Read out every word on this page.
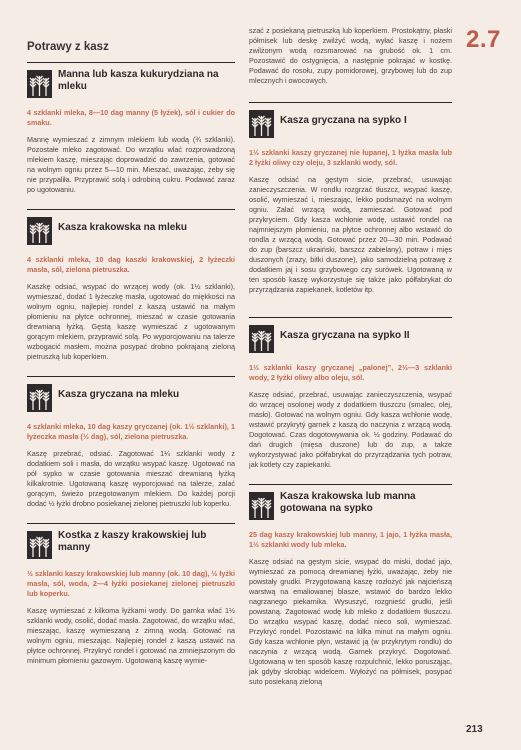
2.7
Potrawy z kasz
Manna lub kasza kukurydziana na mleku
4 szklanki mleka, 8—10 dag manny (5 łyżek), sól i cukier do smaku.
Mannę wymieszać z zimnym mlekiem lub wodą (¾ szklanki). Pozostałe mleko zagotować. Do wrzątku wlać rozprowadzoną mlekiem kaszę, mieszając doprowadzić do zawrzenia, gotować na wolnym ogniu przez 5—10 min. Mieszać, uważając, żeby się nie przypaliła. Przyprawić solą i odrobiną cukru. Podawać zaraz po ugotowaniu.
Kasza krakowska na mleku
4 szklanki mleka, 10 dag kaszki krakowskiej, 2 łyżeczki masła, sól, zielona pietruszka.
Kaszkę odsiać, wsypać do wrzącej wody (ok. 1½ szklanki), wymieszać, dodać 1 łyżeczkę masła, ugotować do miękkości na wolnym ogniu, najlepiej rondel z kaszą ustawić na małym płomieniu na płytce ochronnej, mieszać w czasie gotowania drewnianą łyżką. Gęstą kaszę wymieszać z ugotowanym gorącym mlekiem, przyprawić solą. Po wyporcjowaniu na talerze wzbogacić masłem, można posypać drobno pokrajaną zieloną pietruszką lub koperkiem.
Kasza gryczana na mleku
4 szklanki mleka, 10 dag kaszy gryczanej (ok. 1½ szklanki), 1 łyżeczka masła (½ dag), sól, zielona pietruszka.
Kaszę przebrać, odsiać. Zagotować 1¼ szklanki wody z dodatkiem soli i masła, do wrzątku wsypać kaszę. Ugotować na pół sypko w czasie gotowania mieszać drewnianą łyżką kilkakrotnie. Ugotowaną kaszę wyporcjować na talerze, zalać gorącym, świeżo przegotowanym mlekiem. Do każdej porcji dodać ½ łyżki drobno posiekanej zielonej pietruszki lub koperku.
Kostka z kaszy krakowskiej lub manny
½ szklanki kaszy krakowskiej lub manny (ok. 10 dag), ½ łyżki masła, sól, woda, 2—4 łyżki posiekanej zielonej pietruszki lub koperku.
Kaszę wymieszać z kilkoma łyżkami wody. Do garnka wlać 1½ szklanki wody, osolić, dodać masła. Zagotować, do wrzątku wlać, mieszając, kaszę wymieszaną z zimną wodą. Gotować na wolnym ogniu, mieszając. Najlepiej rondel z kaszą ustawić na płytce ochronnej. Przykryć rondel i gotować na zmniejszonym do minimum płomieniu gazowym. Ugotowaną kaszę wymie-
szać z posiekaną pietruszką lub koperkiem. Prostokątny, płaski półmisek lub deskę zwilżyć wodą, wyłać kaszę i nożem zwilżonym wodą rozsmarować na grubość ok. 1 cm. Pozostawić do ostygnięcia, a następnie pokrajać w kostkę. Podawać do rosołu, zupy pomidorowej, grzybowej lub do zup mlecznych i owocowych.
Kasza gryczana na sypko I
1½ szklanki kaszy gryczanej nie łupanej, 1 łyżka masła lub 2 łyżki oliwy czy oleju, 3 szklanki wody, sól.
Kaszę odsiać na gęstym sicie, przebrać, usuwając zanieczyszczenia. W rondlu rozgrzać tłuszcz, wsypać kaszę, osolić, wymieszać i, mieszając, lekko podsmażyć na wolnym ogniu. Zalać wrzącą wodą, zamieszać. Gotować pod przykryciem. Gdy kasza wchłonie wodę, ustawić rondel na najmniejszym płomieniu, na płytce ochronnej albo wstawić do rondla z wrzącą wodą. Gotować przez 20—30 min. Podawać do zup (barszcz ukraiński, barszcz zabielany), potraw i mięs duszonych (zrazy, bitki duszone), jako samodzielną potrawę z dodatkiem jaj i sosu grzybowego czy surówek. Ugotowaną w ten sposób kaszę wykorzystuje się także jako półfabrykat do przyrządzania zapiekanek, kotletów itp.
Kasza gryczana na sypko II
1½ szklanki kaszy gryczanej „palonej”, 2½—3 szklanki wody, 2 łyżki oliwy albo oleju, sól.
Kaszę odsiać, przebrać, usuwając zanieczyszczenia, wsypać do wrzącej osolonej wody z dodatkiem tłuszczu (smalec, olej, masło). Gotować na wolnym ogniu. Gdy kasza wchłonie wodę, wstawić przykrytý garnek z kaszą do naczynia z wrzącą wodą. Dogotować. Czas dogotowywania ok. ½ godziny. Podawać do dań drugich (mięsa duszone) lub do zup, a także wykorzystywać jako półfabrykat do przyrządzania tych potraw, jak kotlety czy zapiekanki.
Kasza krakowska lub manna gotowana na sypko
25 dag kaszy krakowskiej lub manny, 1 jajo, 1 łyżka masła, 1½ szklanki wody lub mleka.
Kaszę odsiać na gęstym sicie, wsypać do miski, dodać jajo, wymieszać za pomocą drewnianej łyżki, uważając, żeby nie powstały grudki. Przygotowaną kaszę rozłożyć jak najcieńszą warstwą na emaliowanej blasze, wstawić do bardzo lekko nagrzanego piekarnika. Wysuszyć, rozgnieść grudki, jeśli powstaną. Zagotować wodę lub mleko z dodatkiem tłuszczu. Do wrzątku wsypać kaszę, dodać nieco soli, wymieszać. Przykryć rondel. Pozostawić na kilka minut na małym ogniu. Gdy kasza wchłonie płyn, wstawić ją (w przykrytym rondlu) do naczynia z wrzącą wodą. Garnek przykryć. Dogotować. Ugotowaną w ten sposób kaszę rozpulchnić, lekko porusząjąc, jak gdyby skrobiąc widelcem. Wyłożyć na półmisek, posypać suto posiekaną zieloną
213
